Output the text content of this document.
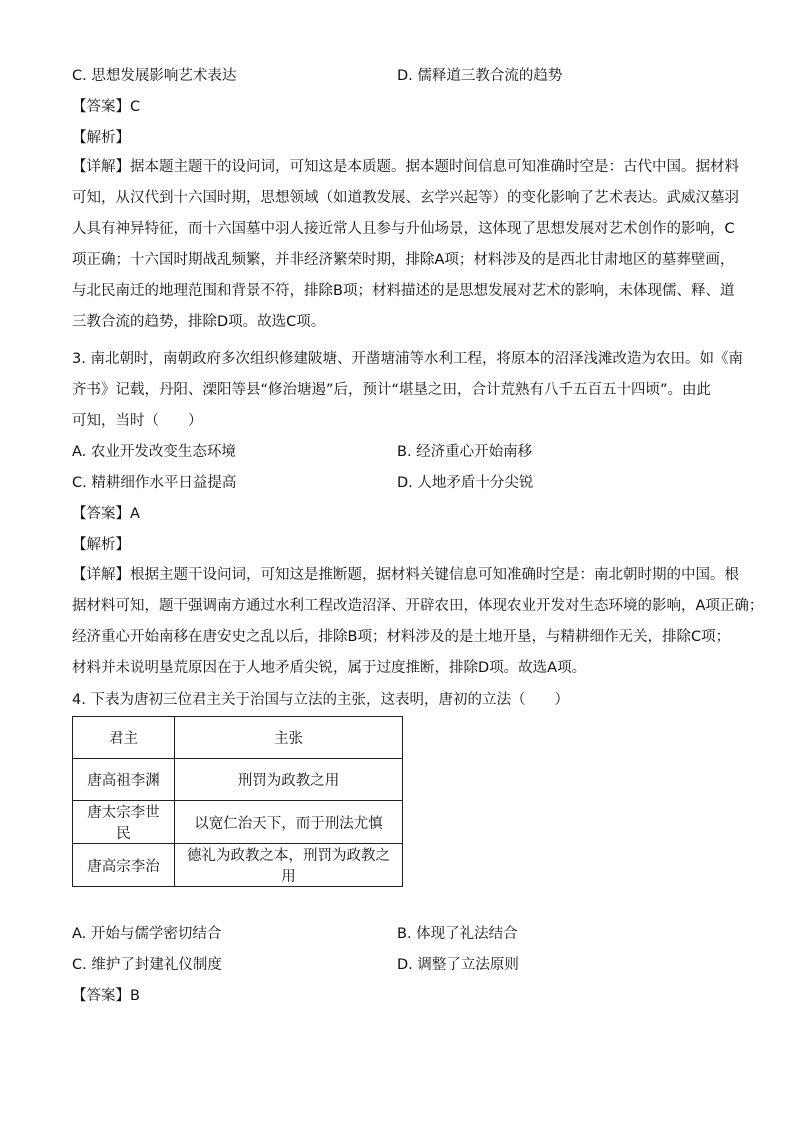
C. 思想发展影响艺术表达	D. 儒释道三教合流的趋势
【答案】C
【解析】
【详解】据本题主题干的设问词，可知这是本质题。据本题时间信息可知准确时空是：古代中国。据材料
可知，从汉代到十六国时期，思想领域（如道教发展、玄学兴起等）的变化影响了艺术表达。武威汉墓羽
人具有神异特征，而十六国墓中羽人接近常人且参与升仙场景，这体现了思想发展对艺术创作的影响，C
项正确；十六国时期战乱频繁，并非经济繁荣时期，排除A项；材料涉及的是西北甘肃地区的墓葬壁画，
与北民南迁的地理范围和背景不符，排除B项；材料描述的是思想发展对艺术的影响，未体现儒、释、道
三教合流的趋势，排除D项。故选C项。
3. 南北朝时，南朝政府多次组织修建陂塘、开凿塘浦等水利工程，将原本的沼泽浅滩改造为农田。如《南
齐书》记载，丹阳、溧阳等县“修治塘遏”后，预计“堪垦之田，合计荒熟有八千五百五十四顷”。由此
可知，当时（　　）
A. 农业开发改变生态环境	B. 经济重心开始南移
C. 精耕细作水平日益提高	D. 人地矛盾十分尖锐
【答案】A
【解析】
【详解】根据主题干设问词，可知这是推断题，据材料关键信息可知准确时空是：南北朝时期的中国。根
据材料可知，题干强调南方通过水利工程改造沼泽、开辟农田，体现农业开发对生态环境的影响，A项正确；
经济重心开始南移在唐安史之乱以后，排除B项；材料涉及的是土地开垦，与精耕细作无关，排除C项；
材料并未说明垦荒原因在于人地矛盾尖锐，属于过度推断，排除D项。故选A项。
4. 下表为唐初三位君主关于治国与立法的主张，这表明，唐初的立法（　　）
君主	主张
唐高祖李渊	刑罚为政教之用
唐太宗李世民	以宽仁治天下，而于刑法尤慎
唐高宗李治	德礼为政教之本，刑罚为政教之用
A. 开始与儒学密切结合	B. 体现了礼法结合
C. 维护了封建礼仪制度	D. 调整了立法原则
【答案】B
